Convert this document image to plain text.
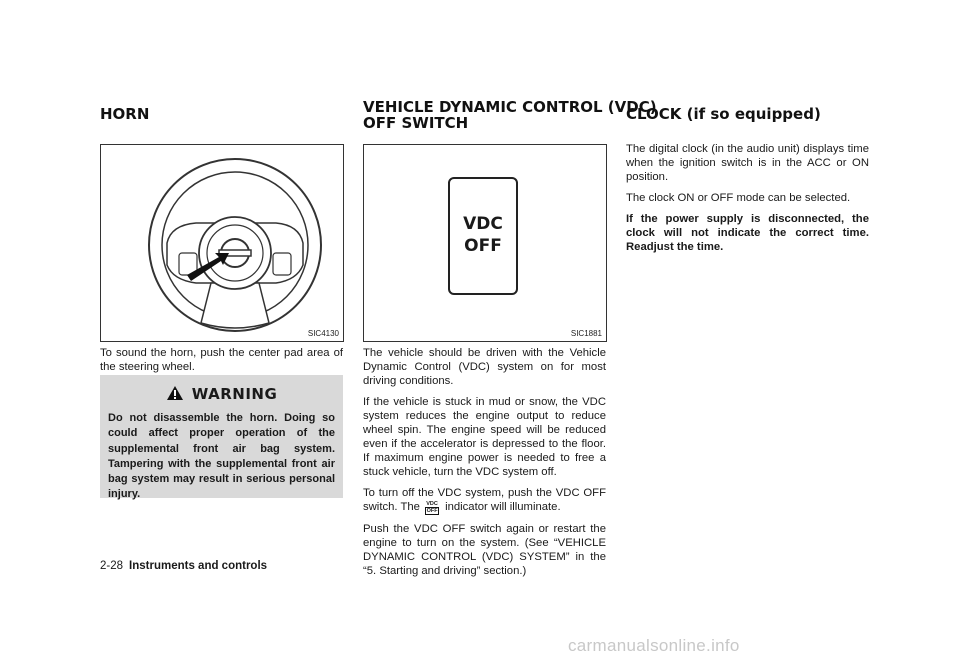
HORN	VEHICLE DYNAMIC CONTROL (VDC)
OFF SWITCH	CLOCK (if so equipped)
SIC4130

To sound the horn, push the center pad area of the steering wheel.

WARNING
Do not disassemble the horn. Doing so could affect proper operation of the supplemental front air bag system. Tampering with the supplemental front air bag system may result in serious personal injury.
VDC
OFF
SIC1881

The vehicle should be driven with the Vehicle Dynamic Control (VDC) system on for most driving conditions.

If the vehicle is stuck in mud or snow, the VDC system reduces the engine output to reduce wheel spin. The engine speed will be reduced even if the accelerator is depressed to the floor. If maximum engine power is needed to free a stuck vehicle, turn the VDC system off.

To turn off the VDC system, push the VDC OFF switch. The VDC
OFF indicator will illuminate.

Push the VDC OFF switch again or restart the engine to turn on the system. (See “VEHICLE DYNAMIC CONTROL (VDC) SYSTEM” in the “5. Starting and driving” section.)

The digital clock (in the audio unit) displays time when the ignition switch is in the ACC or ON position.

The clock ON or OFF mode can be selected.

If the power supply is disconnected, the clock will not indicate the correct time. Readjust the time.

2-28 Instruments and controls
carmanualsonline.info
